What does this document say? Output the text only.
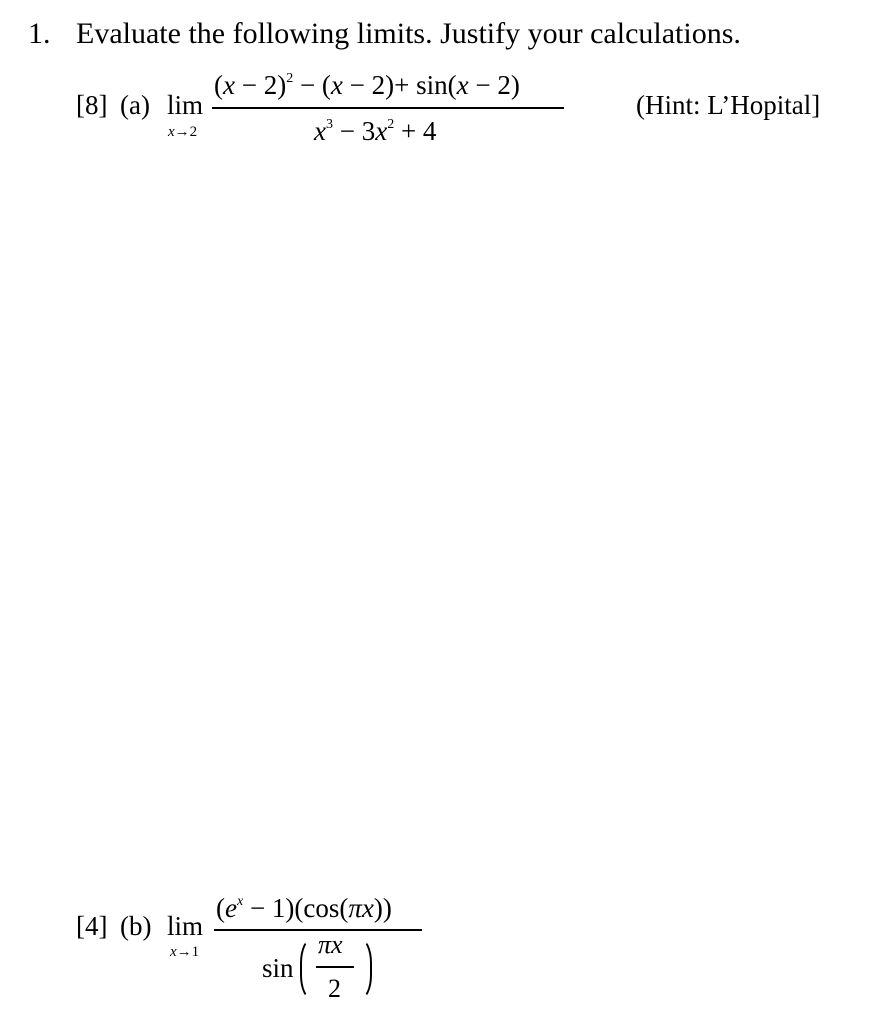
1. Evaluate the following limits. Justify your calculations.
[8] (a) lim
x→2
$(x - 2)^2 - (x - 2)+ \sin(x - 2)$
$x^3 - 3x^2 + 4$
(Hint: L’Hopital]
[4] (b) lim
x→1
$(e^x - 1)(\cos(\pi x))$
sin
πx
2
